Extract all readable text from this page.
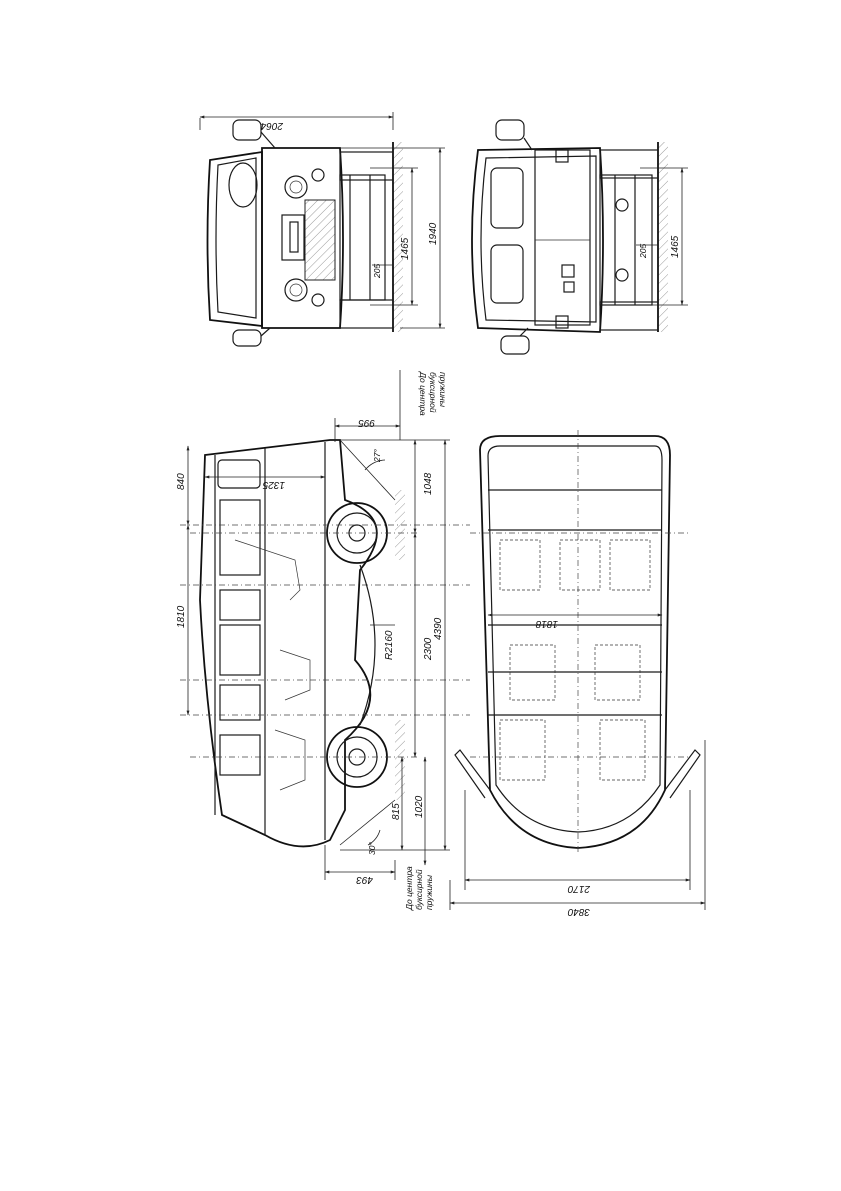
2064
1940
1465
205
1465
205
995
До центра буксирной пружины
1325
840
1810
27°
30°
R2160
1048
2300
4390
815 1020
493	До центра буксирной пружины
1818
2170
3840
